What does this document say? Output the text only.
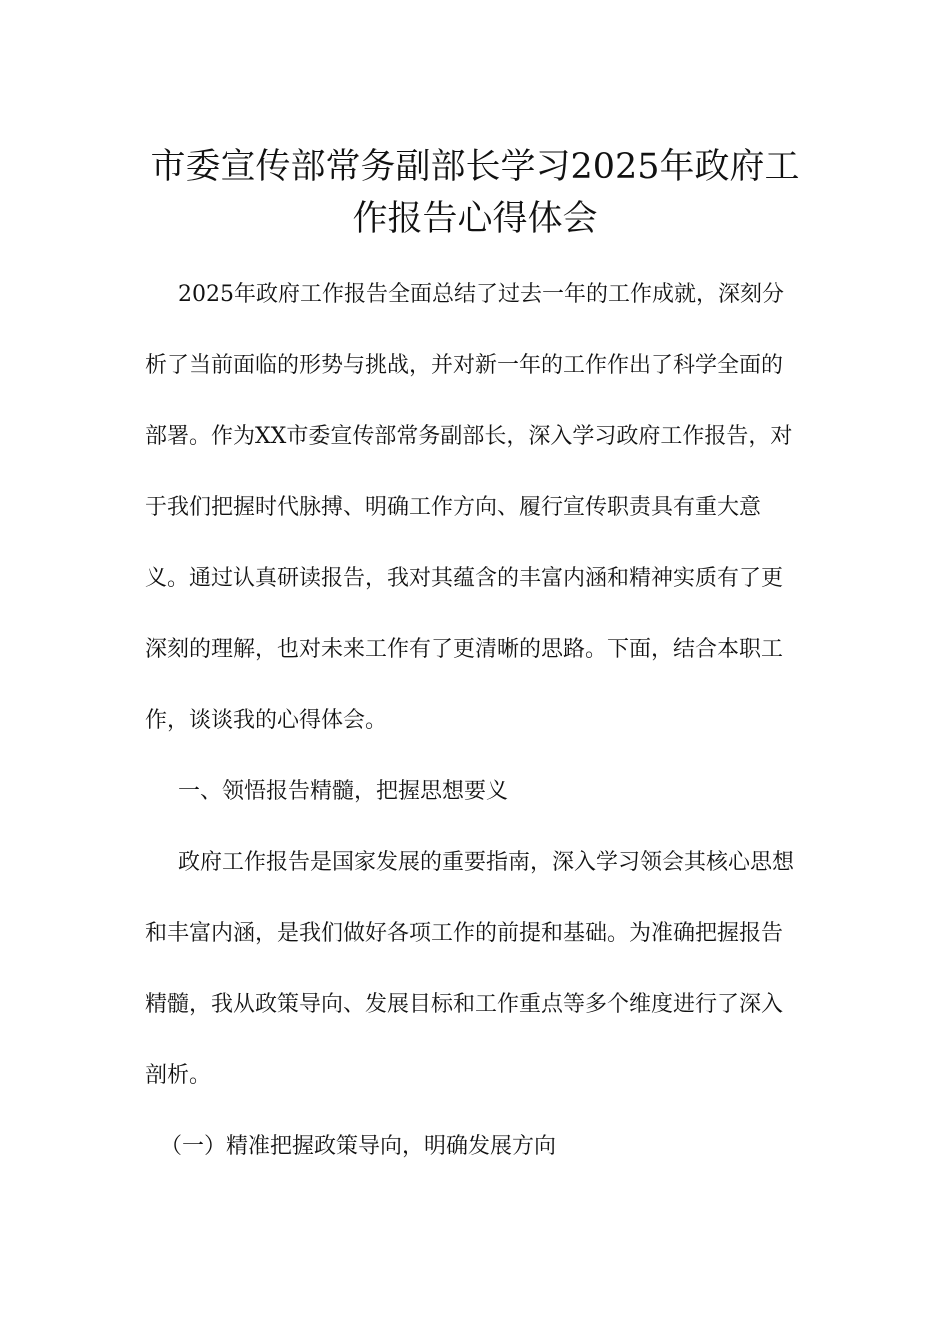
市委宣传部常务副部长学习2025年政府工
作报告心得体会
2025年政府工作报告全面总结了过去一年的工作成就，深刻分
析了当前面临的形势与挑战，并对新一年的工作作出了科学全面的
部署。作为XX市委宣传部常务副部长，深入学习政府工作报告，对
于我们把握时代脉搏、明确工作方向、履行宣传职责具有重大意
义。通过认真研读报告，我对其蕴含的丰富内涵和精神实质有了更
深刻的理解，也对未来工作有了更清晰的思路。下面，结合本职工
作，谈谈我的心得体会。
一、领悟报告精髓，把握思想要义
政府工作报告是国家发展的重要指南，深入学习领会其核心思想
和丰富内涵，是我们做好各项工作的前提和基础。为准确把握报告
精髓，我从政策导向、发展目标和工作重点等多个维度进行了深入
剖析。
（一）精准把握政策导向，明确发展方向
